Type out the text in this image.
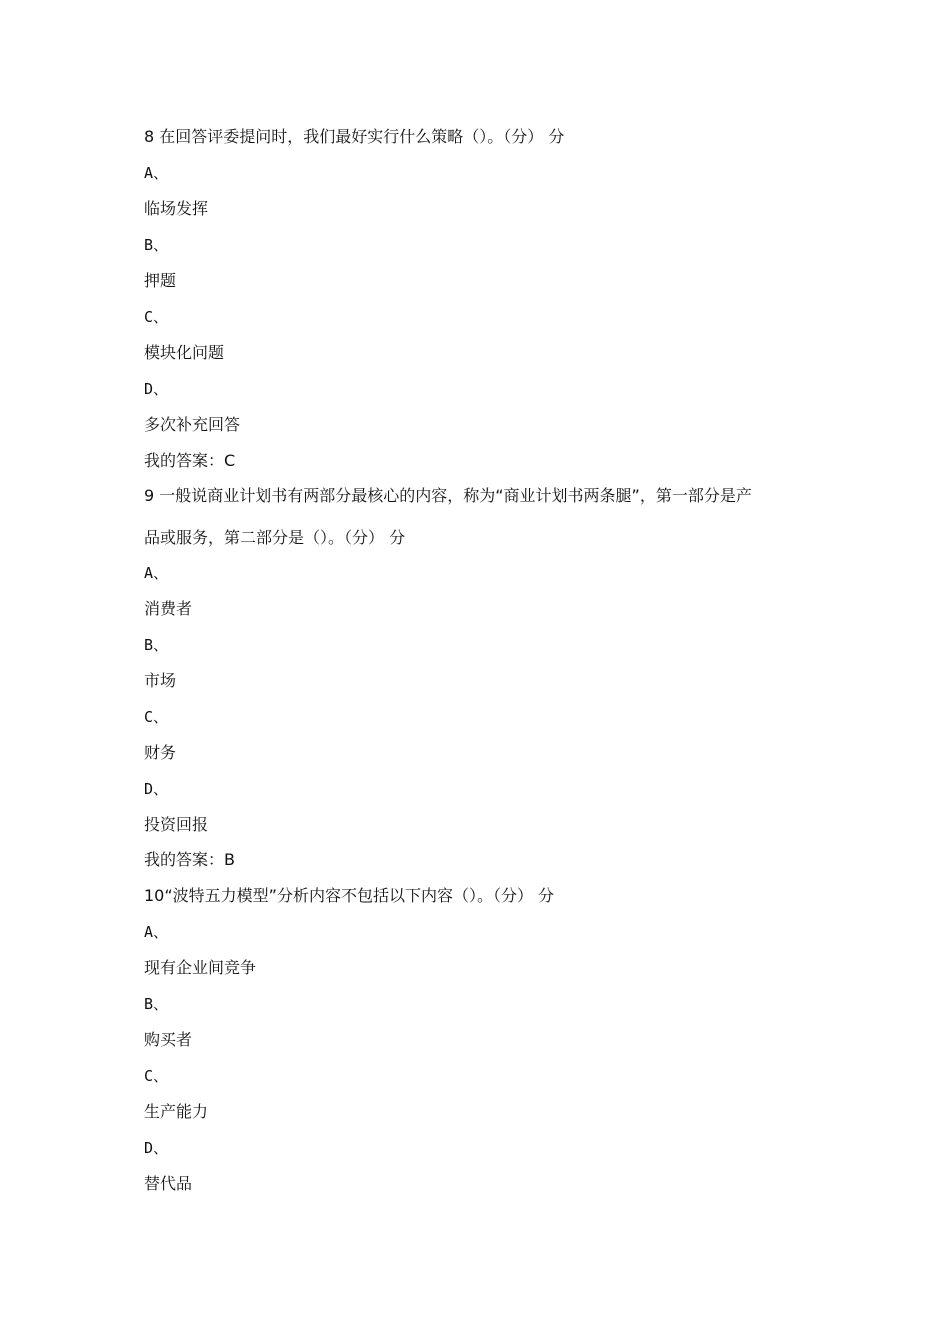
8 在回答评委提问时，我们最好实行什么策略（）。（分） 分
A、
临场发挥
B、
押题
C、
模块化问题
D、
多次补充回答
我的答案：C
9 一般说商业计划书有两部分最核心的内容，称为“商业计划书两条腿”，第一部分是产
品或服务，第二部分是（）。（分） 分
A、
消费者
B、
市场
C、
财务
D、
投资回报
我的答案：B
10“波特五力模型”分析内容不包括以下内容（）。（分） 分
A、
现有企业间竞争
B、
购买者
C、
生产能力
D、
替代品
